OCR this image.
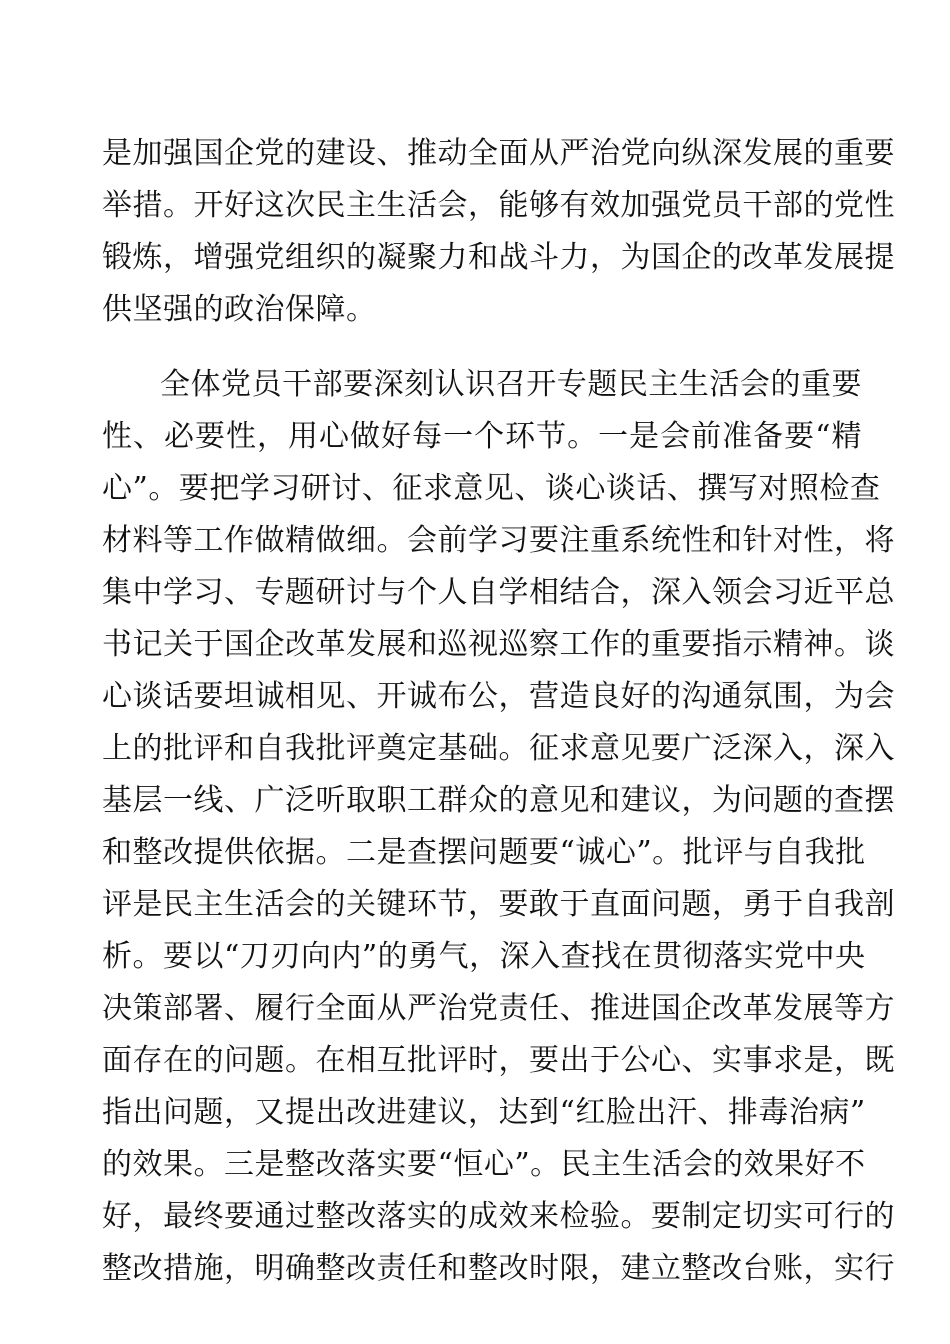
是加强国企党的建设、推动全面从严治党向纵深发展的重要
举措。开好这次民主生活会，能够有效加强党员干部的党性
锻炼，增强党组织的凝聚力和战斗力，为国企的改革发展提
供坚强的政治保障。
全体党员干部要深刻认识召开专题民主生活会的重要
性、必要性，用心做好每一个环节。一是会前准备要“精
心”。要把学习研讨、征求意见、谈心谈话、撰写对照检查
材料等工作做精做细。会前学习要注重系统性和针对性，将
集中学习、专题研讨与个人自学相结合，深入领会习近平总
书记关于国企改革发展和巡视巡察工作的重要指示精神。谈
心谈话要坦诚相见、开诚布公，营造良好的沟通氛围，为会
上的批评和自我批评奠定基础。征求意见要广泛深入，深入
基层一线、广泛听取职工群众的意见和建议，为问题的查摆
和整改提供依据。二是查摆问题要“诚心”。批评与自我批
评是民主生活会的关键环节，要敢于直面问题，勇于自我剖
析。要以“刀刃向内”的勇气，深入查找在贯彻落实党中央
决策部署、履行全面从严治党责任、推进国企改革发展等方
面存在的问题。在相互批评时，要出于公心、实事求是，既
指出问题，又提出改进建议，达到“红脸出汗、排毒治病”
的效果。三是整改落实要“恒心”。民主生活会的效果好不
好，最终要通过整改落实的成效来检验。要制定切实可行的
整改措施，明确整改责任和整改时限，建立整改台账，实行
